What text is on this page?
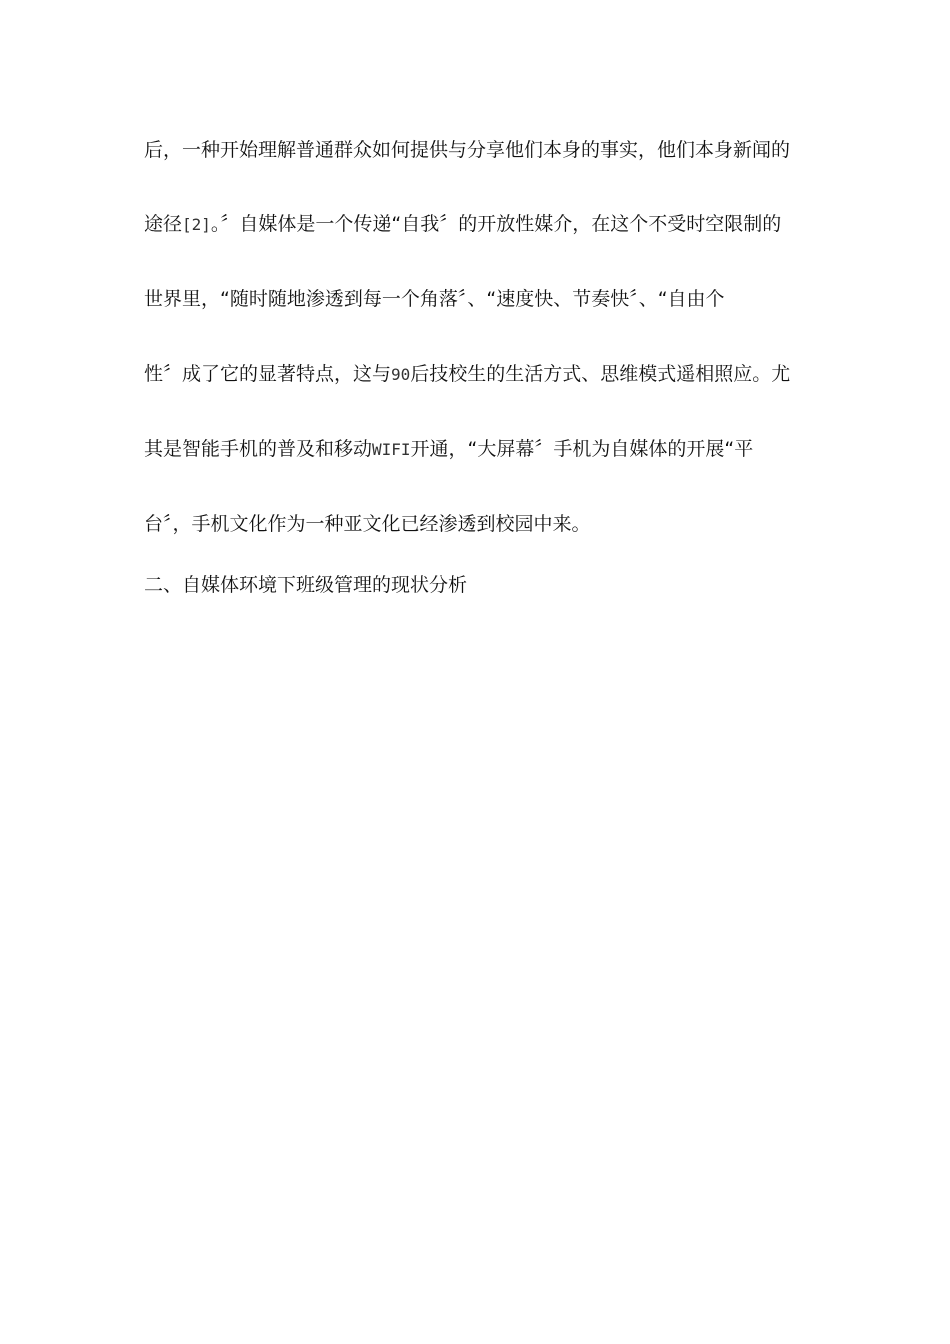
后，一种开始理解普通群众如何提供与分享他们本身的事实，他们本身新闻的
途径[2]。〞自媒体是一个传递“自我〞的开放性媒介，在这个不受时空限制的
世界里，“随时随地渗透到每一个角落〞、“速度快、节奏快〞、“自由个
性〞成了它的显著特点，这与90后技校生的生活方式、思维模式遥相照应。尤
其是智能手机的普及和移动WIFI开通，“大屏幕〞手机为自媒体的开展“平
台〞，手机文化作为一种亚文化已经渗透到校园中来。
二、自媒体环境下班级管理的现状分析
